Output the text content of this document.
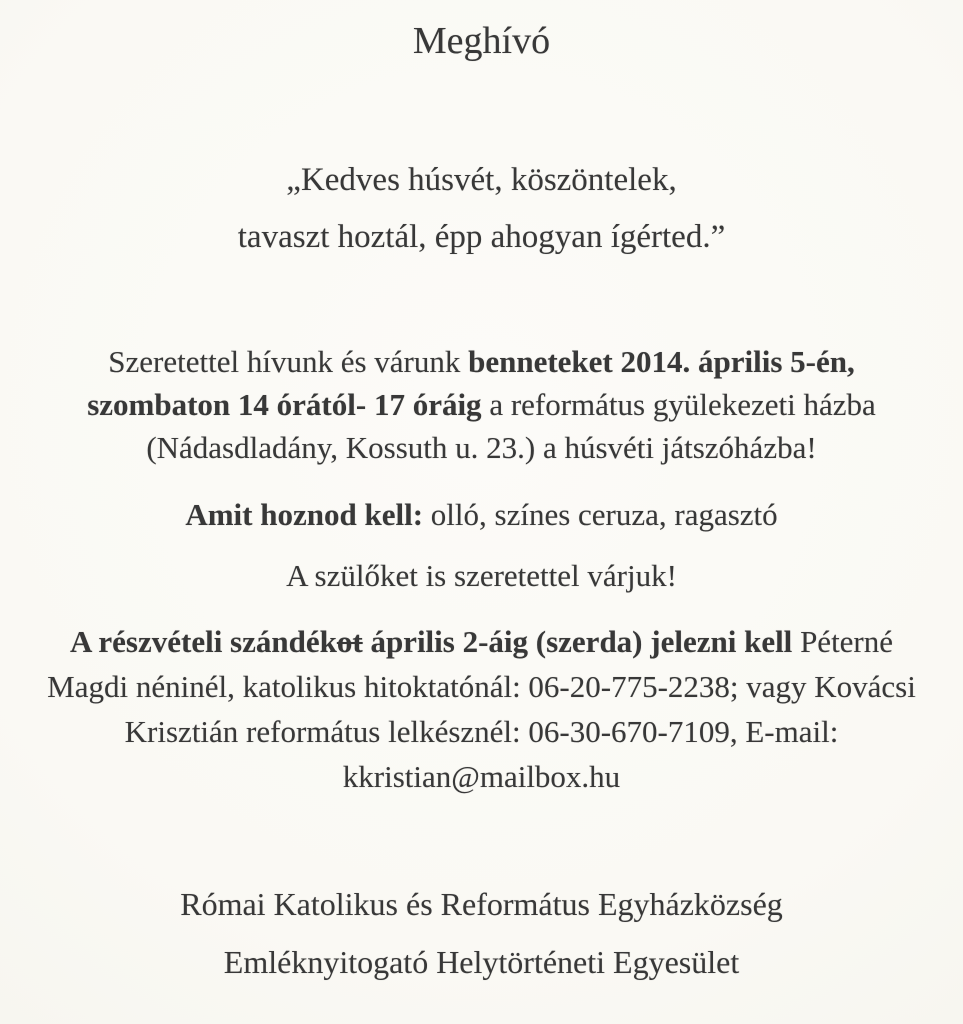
Meghívó
„Kedves húsvét, köszöntelek,
tavaszt hoztál, épp ahogyan ígérted.”
Szeretettel hívunk és várunk benneteket 2014. április 5-én,
szombaton 14 órától- 17 óráig a református gyülekezeti házba
(Nádasdladány, Kossuth u. 23.) a húsvéti játszóházba!
Amit hoznod kell: olló, színes ceruza, ragasztó
A szülőket is szeretettel várjuk!
A részvételi szándékot április 2-áig (szerda) jelezni kell Péterné
Magdi néninél, katolikus hitoktatónál: 06-20-775-2238; vagy Kovácsi
Krisztián református lelkésznél: 06-30-670-7109, E-mail:
kkristian@mailbox.hu
Római Katolikus és Református Egyházközség
Emléknyitogató Helytörténeti Egyesület
